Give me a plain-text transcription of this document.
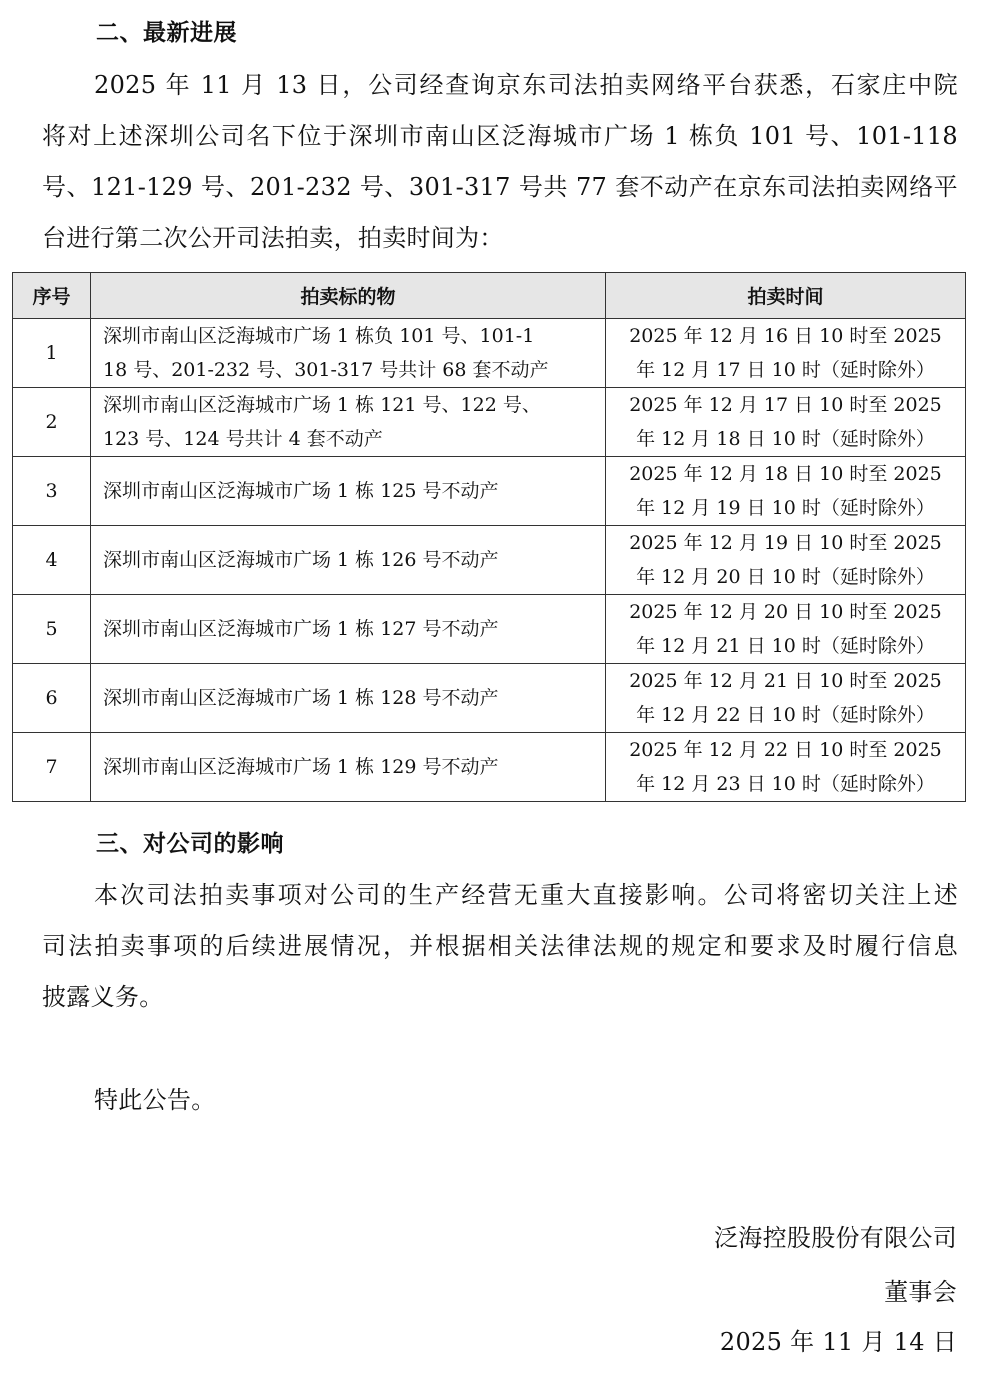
二、最新进展
2025 年 11 月 13 日，公司经查询京东司法拍卖网络平台获悉，石家庄中院
将对上述深圳公司名下位于深圳市南山区泛海城市广场 1 栋负 101 号、101-118
号、121-129 号、201-232 号、301-317 号共 77 套不动产在京东司法拍卖网络平
台进行第二次公开司法拍卖，拍卖时间为：
序号	拍卖标的物	拍卖时间
1	深圳市南山区泛海城市广场 1 栋负 101 号、101-1
18 号、201-232 号、301-317 号共计 68 套不动产	2025 年 12 月 16 日 10 时至 2025
年 12 月 17 日 10 时（延时除外）

2	深圳市南山区泛海城市广场 1 栋 121 号、122 号、
123 号、124 号共计 4 套不动产	2025 年 12 月 17 日 10 时至 2025
年 12 月 18 日 10 时（延时除外）

3	深圳市南山区泛海城市广场 1 栋 125 号不动产	2025 年 12 月 18 日 10 时至 2025
年 12 月 19 日 10 时（延时除外）

4	深圳市南山区泛海城市广场 1 栋 126 号不动产	2025 年 12 月 19 日 10 时至 2025
年 12 月 20 日 10 时（延时除外）

5	深圳市南山区泛海城市广场 1 栋 127 号不动产	2025 年 12 月 20 日 10 时至 2025
年 12 月 21 日 10 时（延时除外）

6	深圳市南山区泛海城市广场 1 栋 128 号不动产	2025 年 12 月 21 日 10 时至 2025
年 12 月 22 日 10 时（延时除外）

7	深圳市南山区泛海城市广场 1 栋 129 号不动产	2025 年 12 月 22 日 10 时至 2025
年 12 月 23 日 10 时（延时除外）
三、对公司的影响
本次司法拍卖事项对公司的生产经营无重大直接影响。公司将密切关注上述
司法拍卖事项的后续进展情况，并根据相关法律法规的规定和要求及时履行信息
披露义务。
特此公告。
泛海控股股份有限公司
董事会
2025 年 11 月 14 日
